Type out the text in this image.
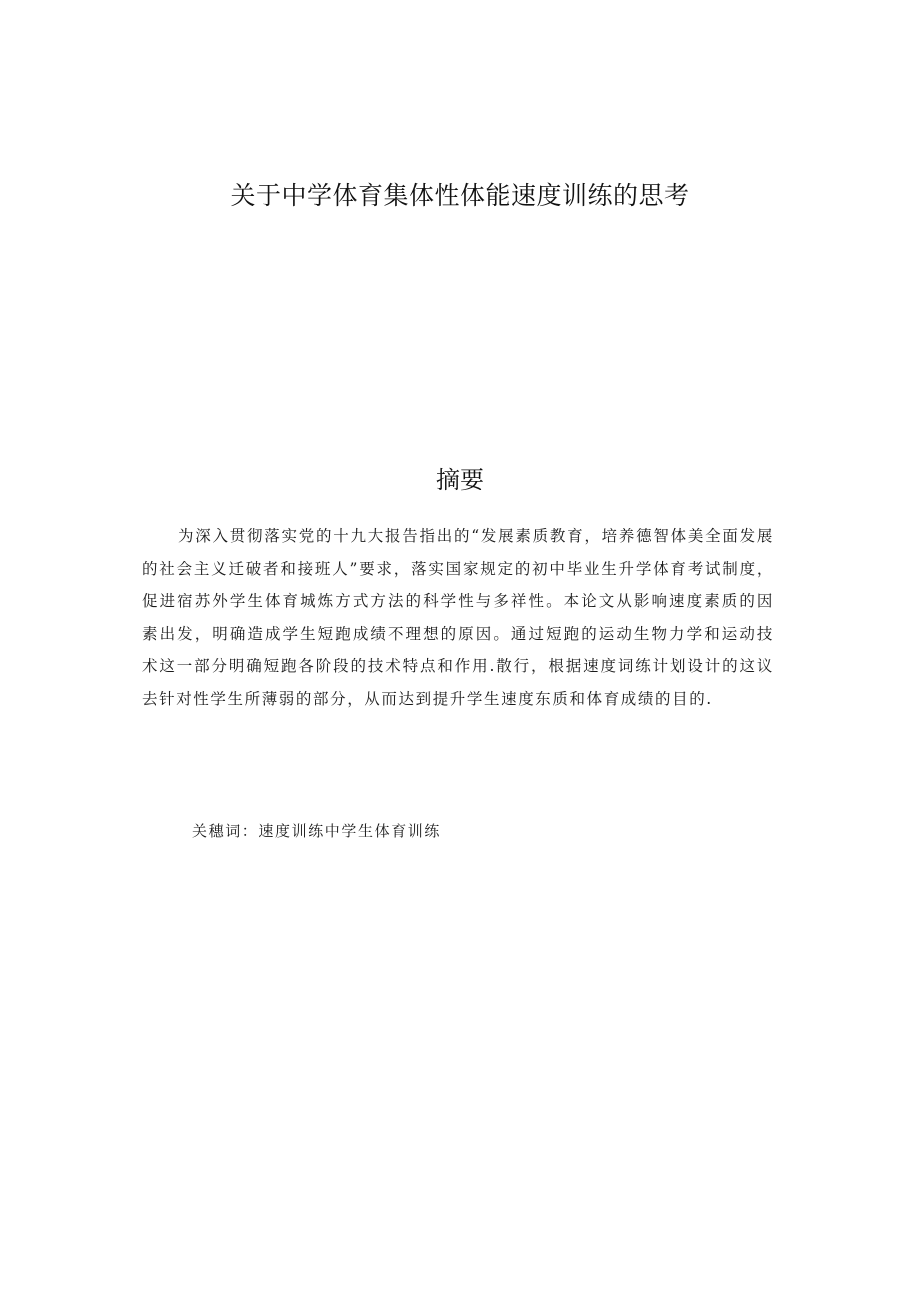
关于中学体育集体性体能速度训练的思考
摘要

为深入贯彻落实党的十九大报告指出的“发展素质教育，培养德智体美全面发展的社会主义迁破者和接班人”要求，落实国家规定的初中毕业生升学体育考试制度，促进宿苏外学生体育城炼方式方法的科学性与多祥性。本论文从影响速度素质的因素出发，明确造成学生短跑成绩不理想的原因。通过短跑的运动生物力学和运动技术这一部分明确短跑各阶段的技术特点和作用.散行，根据速度词练计划设计的这议去针对性学生所薄弱的部分，从而达到提升学生速度东质和体育成绩的目的.

关穗词：速度训练中学生体育训练
